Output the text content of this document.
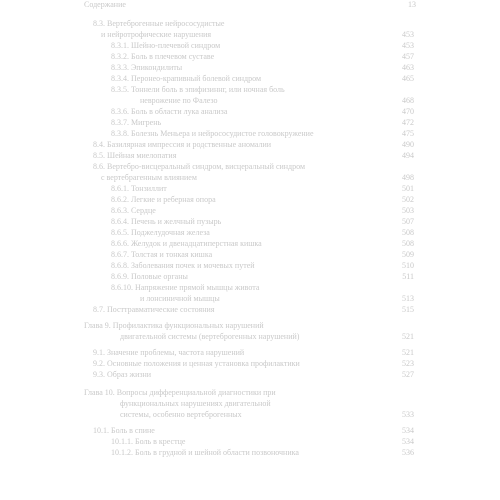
Содержание	13
8.3. Вертеброгенные нейрососудистые
и нейротрофические нарушения	453
8.3.1. Шейно-плечевой синдром	453
8.3.2. Боль в плечевом суставе	457
8.3.3. Эпикондилиты	463
8.3.4. Перонео-крапивный болевой синдром	465
8.3.5. Тоннели боль в эпифизиннг, или ночная боль
неврожение по Фалезо	468
8.3.6. Боль в области лука анализа	470
8.3.7. Мигрень	472
8.3.8. Болезнь Меньера и нейрососудистое головокружение	475
8.4. Базилярная импрессия и родственные аномалии	490
8.5. Шейная миелопатия	494
8.6. Вертебро-висцеральный синдром, висцеральный синдром
с вертебрагенным влиянием	498
8.6.1. Тонзиллит	501
8.6.2. Легкие и реберная опора	502
8.6.3. Сердце	503
8.6.4. Печень и желчный пузырь	507
8.6.5. Поджелудочная железа	508
8.6.6. Желудок и двенадцатиперстная кишка	508
8.6.7. Толстая и тонкая кишка	509
8.6.8. Заболевания почек и мочевых путей	510
8.6.9. Половые органы	511
8.6.10. Напряжение прямой мышцы живота
и лонсиничной мышцы	513
8.7. Посттравматические состояния	515
Глава 9. Профилактика функциональных нарушений
двигательной системы (вертеброгенных нарушений)	521
9.1. Значение проблемы, частота нарушений	521
9.2. Основные положения и ценная установка профилактики	523
9.3. Образ жизни	527
Глава 10. Вопросы дифференциальной диагностики при
функциональных нарушениях двигательной
системы, особенно вертеброгенных	533
10.1. Боль в спине	534
10.1.1. Боль в крестце	534
10.1.2. Боль в грудной и шейной области позвоночника	536
